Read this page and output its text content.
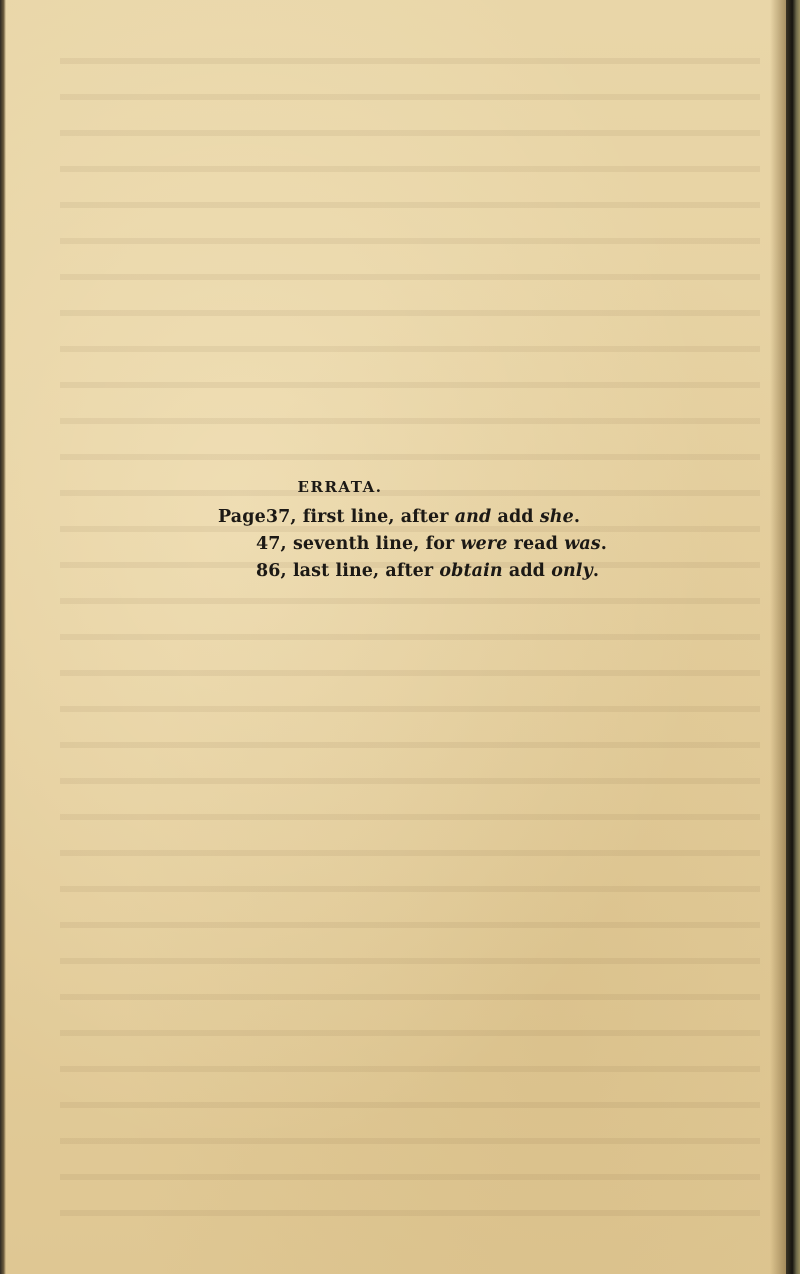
ERRATA.
Page37, first line, after and add she.
47, seventh line, for were read was.
86, last line, after obtain add only.
